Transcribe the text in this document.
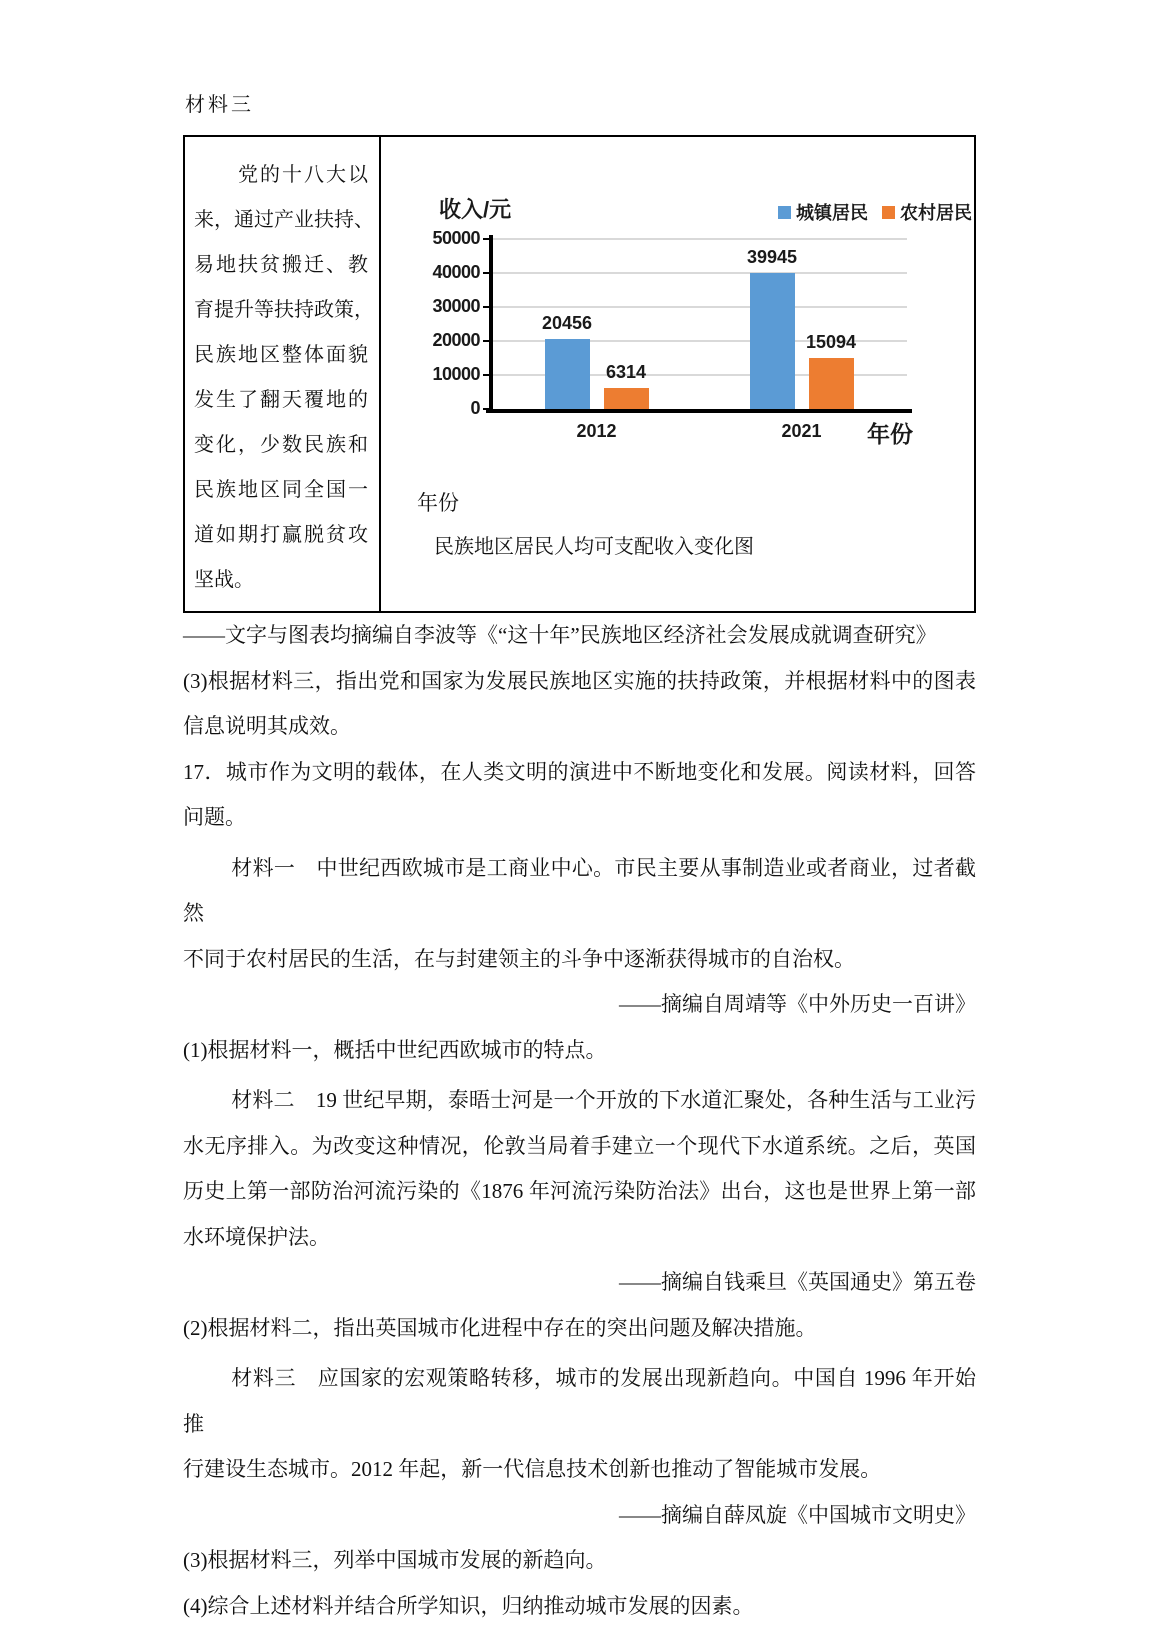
材料三
党的十八大以
来，通过产业扶持、
易地扶贫搬迁、教
育提升等扶持政策，
民族地区整体面貌
发生了翻天覆地的
变化，少数民族和
民族地区同全国一
道如期打赢脱贫攻
坚战。
收入/元	城镇居民 农村居民
年份
年份
民族地区居民人均可支配收入变化图
0
10000
20000
30000
40000
50000
20456
39945
6314
15094
2012	2021
——文字与图表均摘编自李波等《“这十年”民族地区经济社会发展成就调查研究》
(3)根据材料三，指出党和国家为发展民族地区实施的扶持政策，并根据材料中的图表
信息说明其成效。
17．城市作为文明的载体，在人类文明的演进中不断地变化和发展。阅读材料，回答
问题。
材料一　中世纪西欧城市是工商业中心。市民主要从事制造业或者商业，过者截然
不同于农村居民的生活，在与封建领主的斗争中逐渐获得城市的自治权。
——摘编自周靖等《中外历史一百讲》
(1)根据材料一，概括中世纪西欧城市的特点。
材料二　19 世纪早期，泰晤士河是一个开放的下水道汇聚处，各种生活与工业污
水无序排入。为改变这种情况，伦敦当局着手建立一个现代下水道系统。之后，英国
历史上第一部防治河流污染的《1876 年河流污染防治法》出台，这也是世界上第一部
水环境保护法。
——摘编自钱乘旦《英国通史》第五卷
(2)根据材料二，指出英国城市化进程中存在的突出问题及解决措施。
材料三　应国家的宏观策略转移，城市的发展出现新趋向。中国自 1996 年开始推
行建设生态城市。2012 年起，新一代信息技术创新也推动了智能城市发展。
——摘编自薛凤旋《中国城市文明史》
(3)根据材料三，列举中国城市发展的新趋向。
(4)综合上述材料并结合所学知识，归纳推动城市发展的因素。
